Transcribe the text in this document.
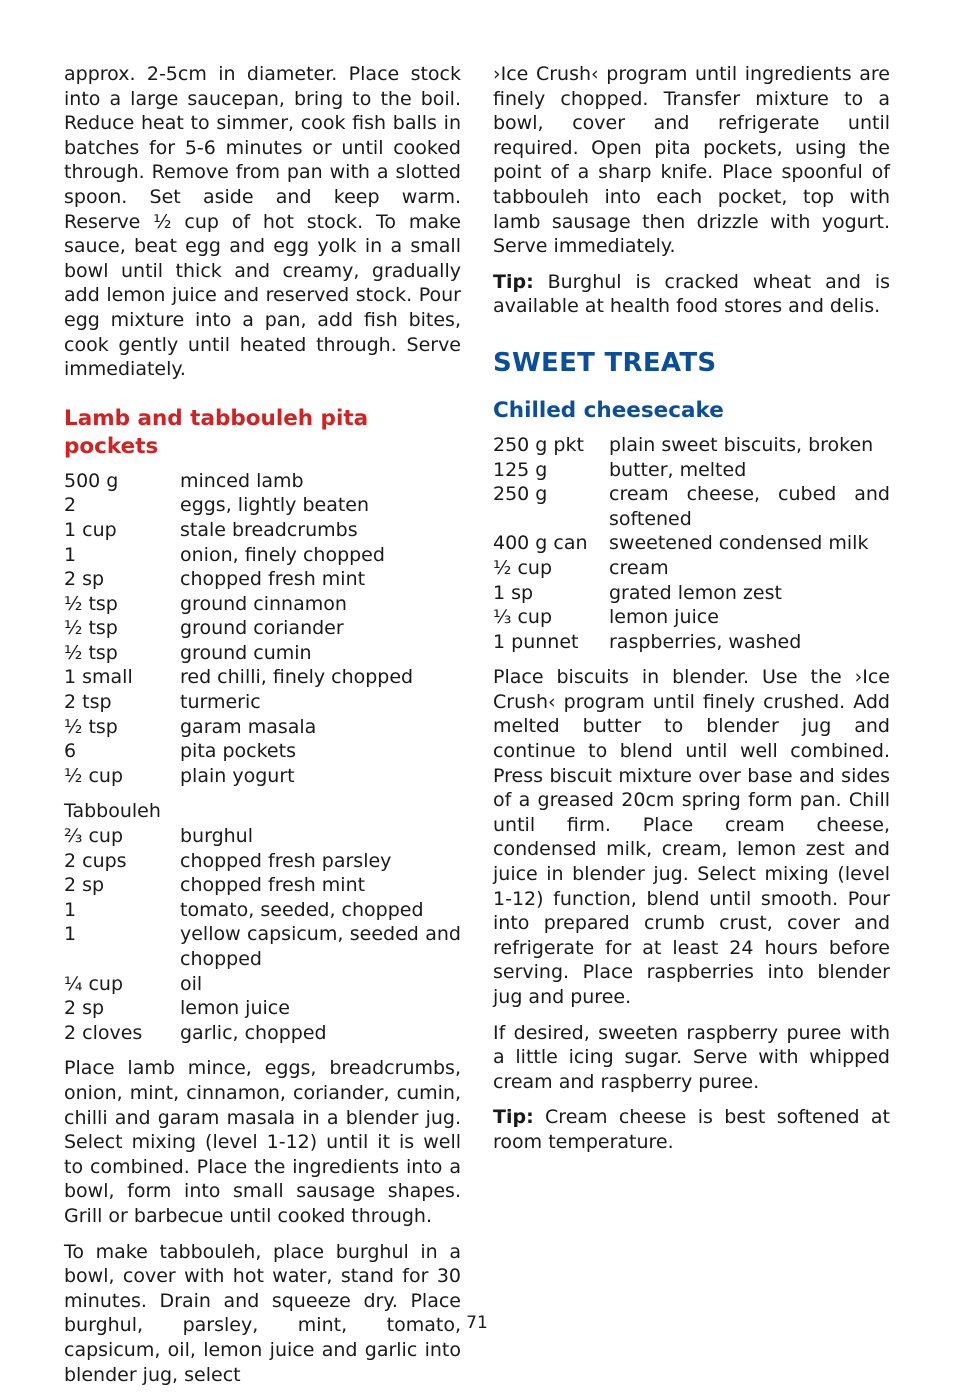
approx. 2-5cm in diameter. Place stock into a large saucepan, bring to the boil. Reduce heat to simmer, cook fish balls in batches for 5-6 minutes or until cooked through. Remove from pan with a slotted spoon. Set aside and keep warm. Reserve ½ cup of hot stock. To make sauce, beat egg and egg yolk in a small bowl until thick and creamy, gradually add lemon juice and reserved stock. Pour egg mixture into a pan, add fish bites, cook gently until heated through. Serve immediately.

Lamb and tabbouleh pita pockets
500 g	minced lamb
2	eggs, lightly beaten
1 cup	stale breadcrumbs
1	onion, finely chopped
2 sp	chopped fresh mint
½ tsp	ground cinnamon
½ tsp	ground coriander
½ tsp	ground cumin
1 small	red chilli, finely chopped
2 tsp	turmeric
½ tsp	garam masala
6	pita pockets
½ cup	plain yogurt
Tabbouleh
⅔ cup	burghul
2 cups	chopped fresh parsley
2 sp	chopped fresh mint
1	tomato, seeded, chopped
1	yellow capsicum, seeded and chopped
¼ cup	oil
2 sp	lemon juice
2 cloves	garlic, chopped

Place lamb mince, eggs, breadcrumbs, onion, mint, cinnamon, coriander, cumin, chilli and garam masala in a blender jug. Select mixing (level 1-12) until it is well to combined. Place the ingredients into a bowl, form into small sausage shapes. Grill or barbecue until cooked through.

To make tabbouleh, place burghul in a bowl, cover with hot water, stand for 30 minutes. Drain and squeeze dry. Place burghul, parsley, mint, tomato, capsicum, oil, lemon juice and garlic into blender jug, select

›Ice Crush‹ program until ingredients are finely chopped. Transfer mixture to a bowl, cover and refrigerate until required. Open pita pockets, using the point of a sharp knife. Place spoonful of tabbouleh into each pocket, top with lamb sausage then drizzle with yogurt. Serve immediately.

Tip: Burghul is cracked wheat and is available at health food stores and delis.

SWEET TREATS
Chilled cheesecake
250 g pkt	plain sweet biscuits, broken
125 g	butter, melted
250 g	cream cheese, cubed and softened
400 g can	sweetened condensed milk
½ cup	cream
1 sp	grated lemon zest
⅓ cup	lemon juice
1 punnet	raspberries, washed

Place biscuits in blender. Use the ›Ice Crush‹ program until finely crushed. Add melted butter to blender jug and continue to blend until well combined. Press biscuit mixture over base and sides of a greased 20cm spring form pan. Chill until firm. Place cream cheese, condensed milk, cream, lemon zest and juice in blender jug. Select mixing (level 1-12) function, blend until smooth. Pour into prepared crumb crust, cover and refrigerate for at least 24 hours before serving. Place raspberries into blender jug and puree.

If desired, sweeten raspberry puree with a little icing sugar. Serve with whipped cream and raspberry puree.

Tip: Cream cheese is best softened at room temperature.

71
